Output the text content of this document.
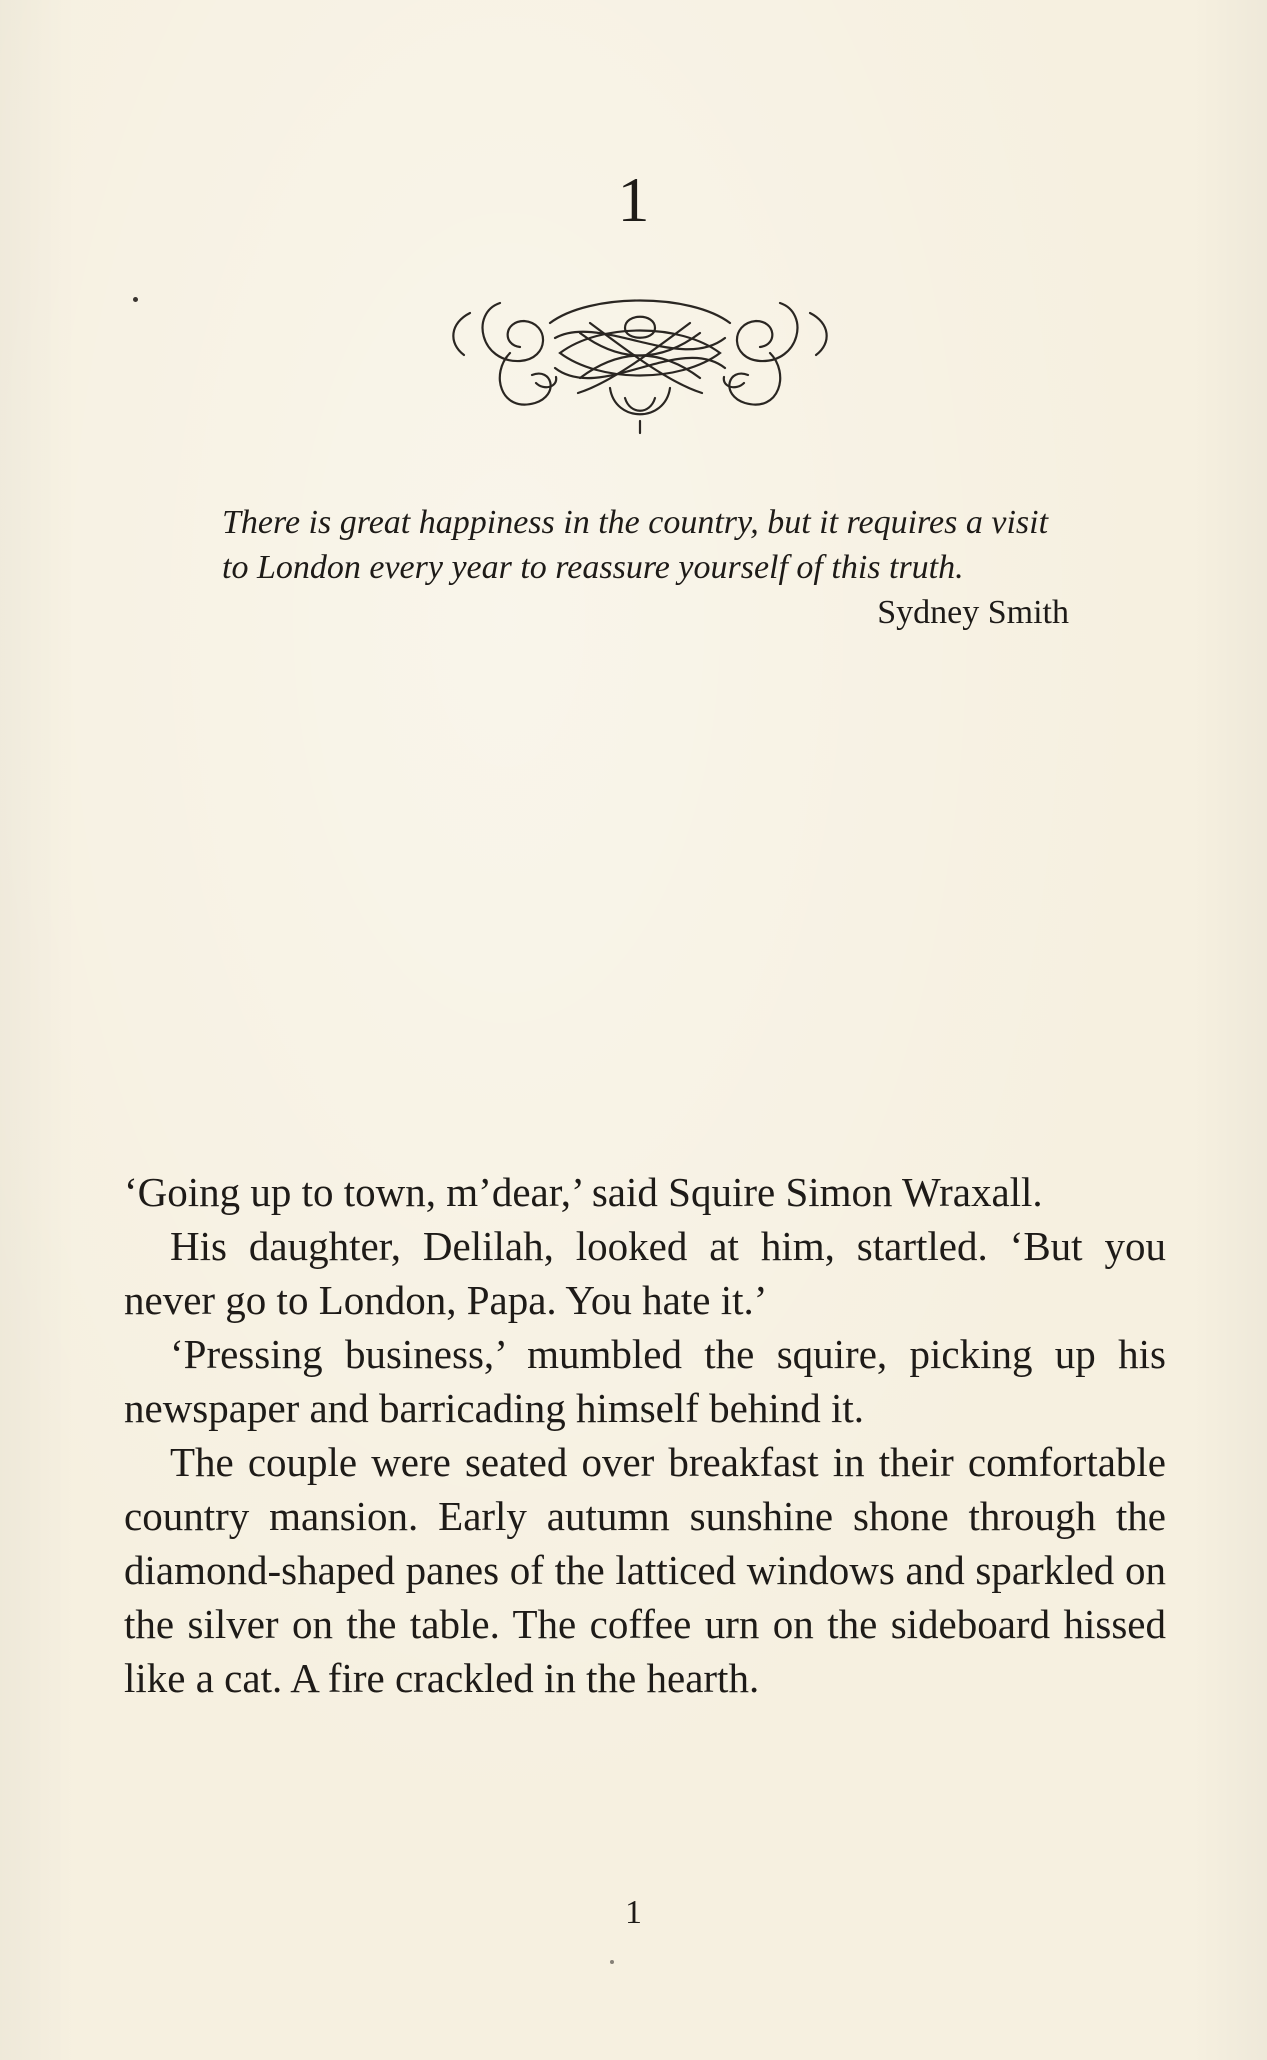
1

There is great happiness in the country, but it requires a visit to London every year to reassure yourself of this truth.

Sydney Smith

‘Going up to town, m’dear,’ said Squire Simon Wraxall.

His daughter, Delilah, looked at him, startled. ‘But you never go to London, Papa. You hate it.’

‘Pressing business,’ mumbled the squire, picking up his newspaper and barricading himself behind it.

The couple were seated over breakfast in their comfortable country mansion. Early autumn sunshine shone through the diamond-shaped panes of the latticed windows and sparkled on the silver on the table. The coffee urn on the sideboard hissed like a cat. A fire crackled in the hearth.

1
